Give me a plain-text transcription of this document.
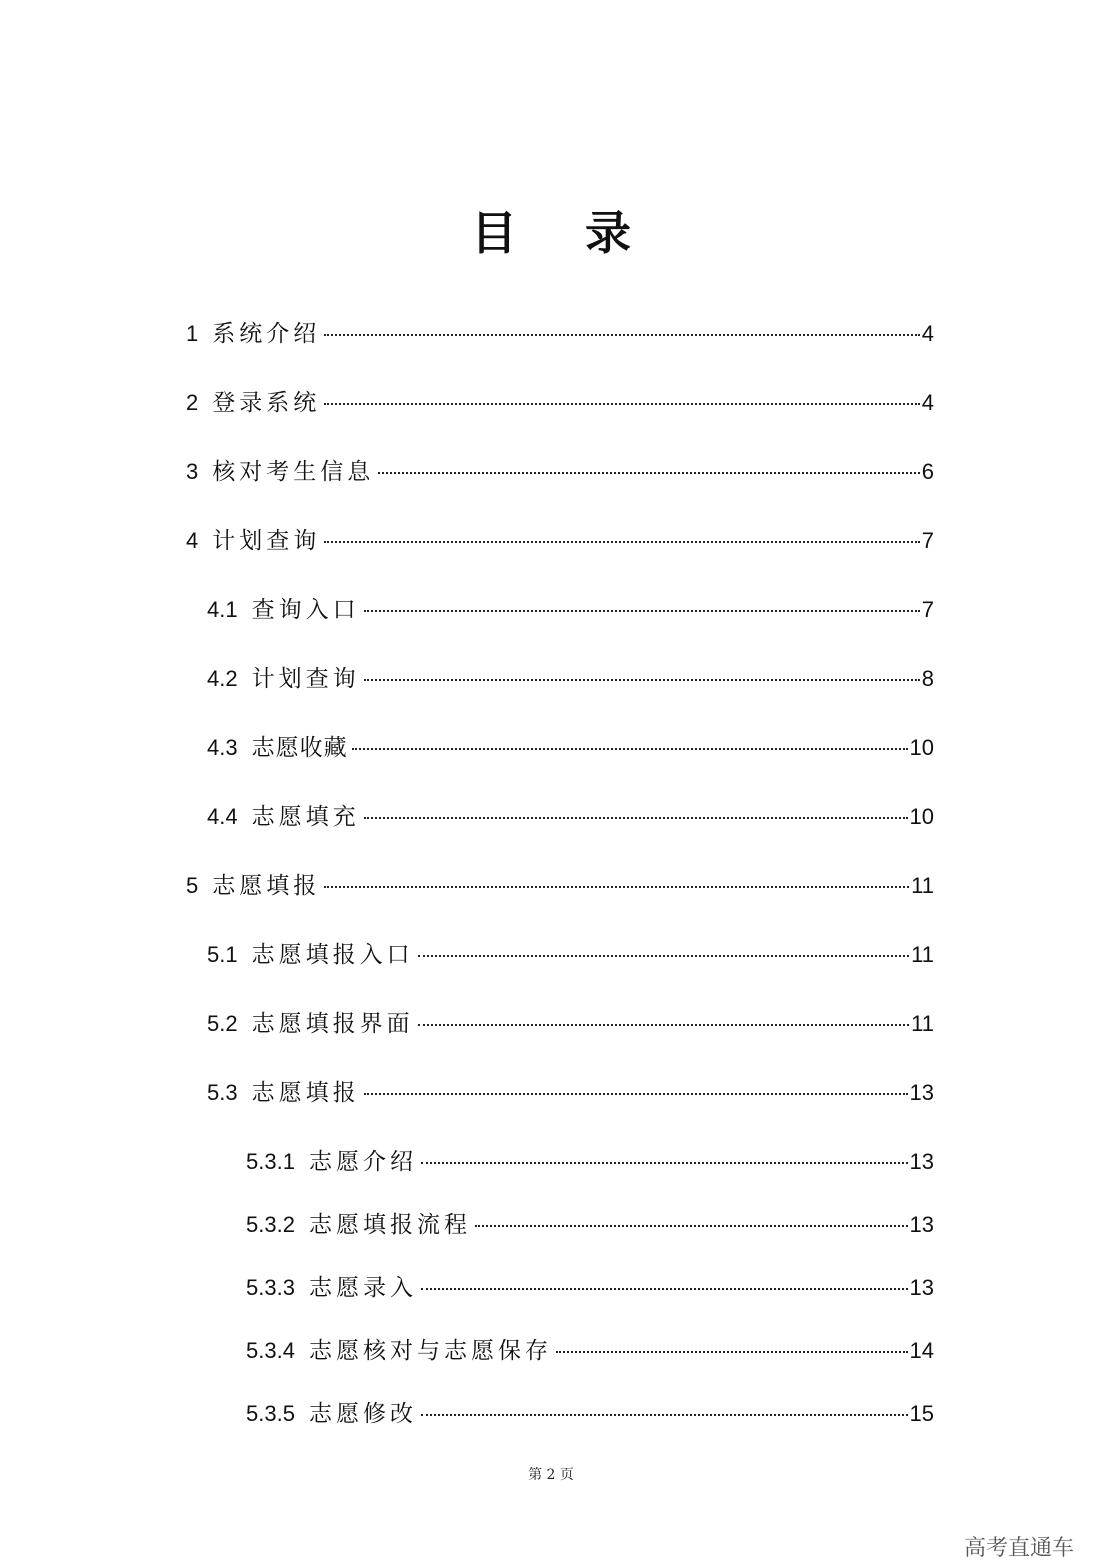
目 录
1 系统介绍	4
2 登录系统	4
3 核对考生信息	6
4 计划查询	7
4.1 查询入口	7
4.2 计划查询	8
4.3 志愿收藏	10
4.4 志愿填充	10
5 志愿填报	11
5.1 志愿填报入口	11
5.2 志愿填报界面	11
5.3 志愿填报	13
5.3.1 志愿介绍	13
5.3.2 志愿填报流程	13
5.3.3 志愿录入	13
5.3.4 志愿核对与志愿保存	14
5.3.5 志愿修改	15
第 2 页
高考直通车
